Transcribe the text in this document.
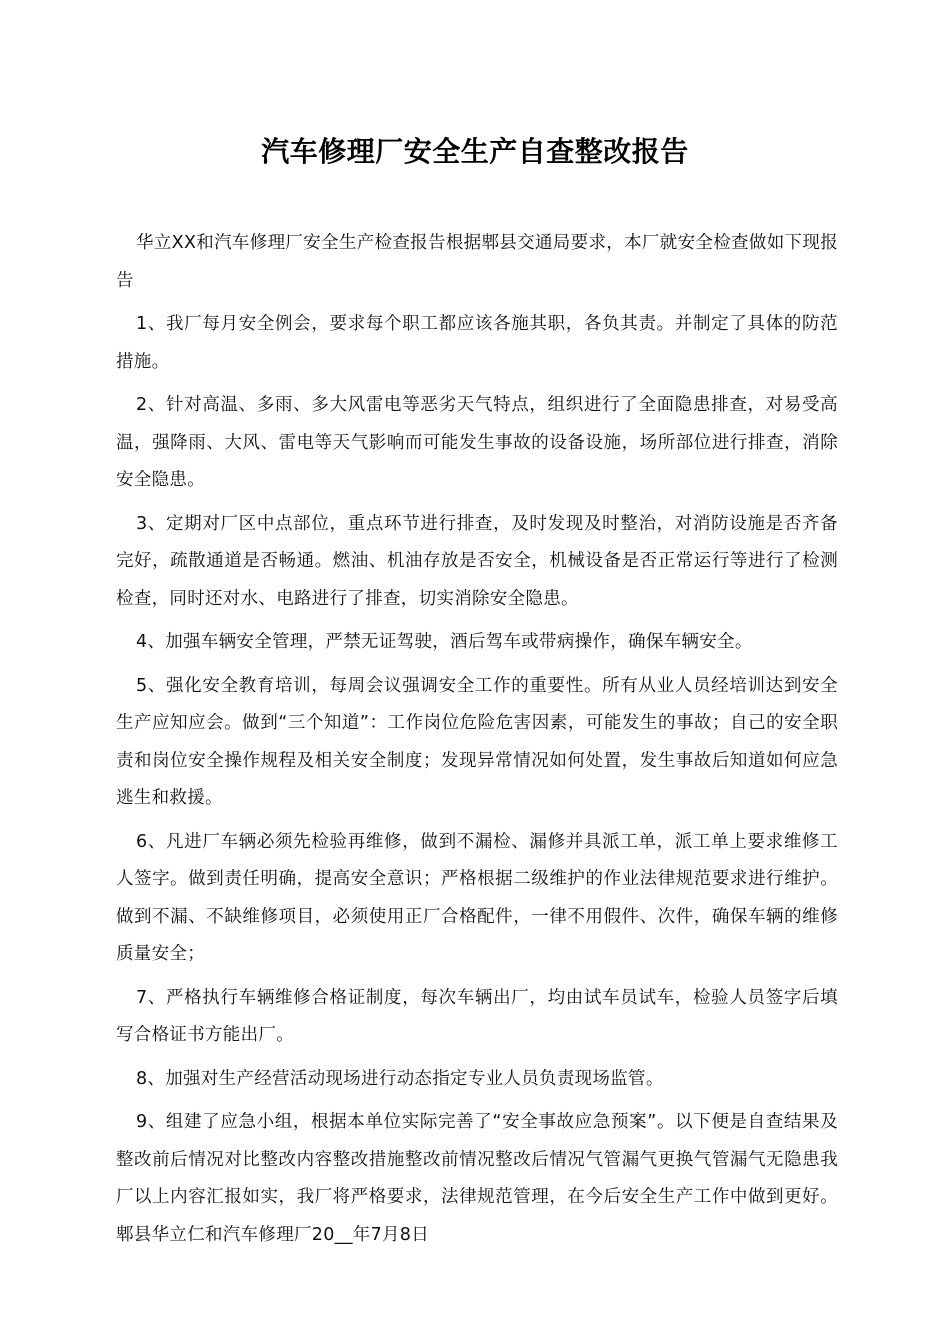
汽车修理厂安全生产自查整改报告

华立XX和汽车修理厂安全生产检查报告根据郫县交通局要求，本厂就安全检查做如下现报告

1、我厂每月安全例会，要求每个职工都应该各施其职，各负其责。并制定了具体的防范措施。

2、针对高温、多雨、多大风雷电等恶劣天气特点，组织进行了全面隐患排查，对易受高温，强降雨、大风、雷电等天气影响而可能发生事故的设备设施，场所部位进行排查，消除安全隐患。

3、定期对厂区中点部位，重点环节进行排查，及时发现及时整治，对消防设施是否齐备完好，疏散通道是否畅通。燃油、机油存放是否安全，机械设备是否正常运行等进行了检测检查，同时还对水、电路进行了排查，切实消除安全隐患。

4、加强车辆安全管理，严禁无证驾驶，酒后驾车或带病操作，确保车辆安全。

5、强化安全教育培训，每周会议强调安全工作的重要性。所有从业人员经培训达到安全生产应知应会。做到“三个知道”：工作岗位危险危害因素，可能发生的事故；自己的安全职责和岗位安全操作规程及相关安全制度；发现异常情况如何处置，发生事故后知道如何应急逃生和救援。

6、凡进厂车辆必须先检验再维修，做到不漏检、漏修并具派工单，派工单上要求维修工人签字。做到责任明确，提高安全意识；严格根据二级维护的作业法律规范要求进行维护。做到不漏、不缺维修项目，必须使用正厂合格配件，一律不用假件、次件，确保车辆的维修质量安全；

7、严格执行车辆维修合格证制度，每次车辆出厂，均由试车员试车，检验人员签字后填写合格证书方能出厂。

8、加强对生产经营活动现场进行动态指定专业人员负责现场监管。

9、组建了应急小组，根据本单位实际完善了“安全事故应急预案”。以下便是自查结果及整改前后情况对比整改内容整改措施整改前情况整改后情况气管漏气更换气管漏气无隐患我厂以上内容汇报如实，我厂将严格要求，法律规范管理，在今后安全生产工作中做到更好。郫县华立仁和汽车修理厂20__年7月8日
